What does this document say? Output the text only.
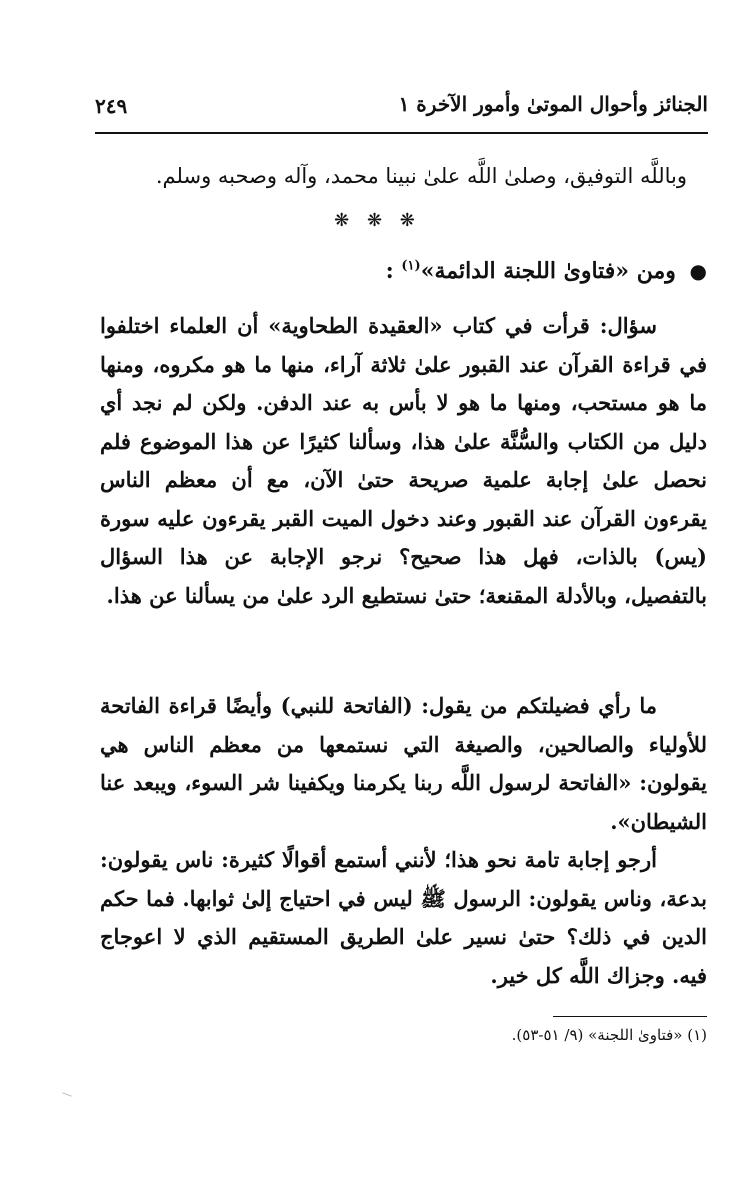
الجنائز وأحوال الموتىٰ وأمور الآخرة ١
٢٤٩
وباللَّه التوفيق، وصلىٰ اللَّه علىٰ نبينا محمد، وآله وصحبه وسلم.
❋ ❋ ❋
● ومن «فتاوىٰ اللجنة الدائمة»$^{(١)}$ :

سؤال: قرأت في كتاب «العقيدة الطحاوية» أن العلماء اختلفوا في قراءة القرآن عند القبور علىٰ ثلاثة آراء، منها ما هو مكروه، ومنها ما هو مستحب، ومنها ما هو لا بأس به عند الدفن. ولكن لم نجد أي دليل من الكتاب والسُّنَّة علىٰ هذا، وسألنا كثيرًا عن هذا الموضوع فلم نحصل علىٰ إجابة علمية صريحة حتىٰ الآن، مع أن معظم الناس يقرءون القرآن عند القبور وعند دخول الميت القبر يقرءون عليه سورة (يس) بالذات، فهل هذا صحيح؟ نرجو الإجابة عن هذا السؤال بالتفصيل، وبالأدلة المقنعة؛ حتىٰ نستطيع الرد علىٰ من يسألنا عن هذا.

ما رأي فضيلتكم من يقول: (الفاتحة للنبي) وأيضًا قراءة الفاتحة للأولياء والصالحين، والصيغة التي نستمعها من معظم الناس هي يقولون: «الفاتحة لرسول اللَّه ربنا يكرمنا ويكفينا شر السوء، ويبعد عنا الشيطان».

أرجو إجابة تامة نحو هذا؛ لأنني أستمع أقوالًا كثيرة: ناس يقولون: بدعة، وناس يقولون: الرسول ﷺ ليس في احتياج إلىٰ ثوابها. فما حكم الدين في ذلك؟ حتىٰ نسير علىٰ الطريق المستقيم الذي لا اعوجاج فيه. وجزاك اللَّه كل خير.

(١) «فتاوىٰ اللجنة» (٩/ ٥١-٥٣).
